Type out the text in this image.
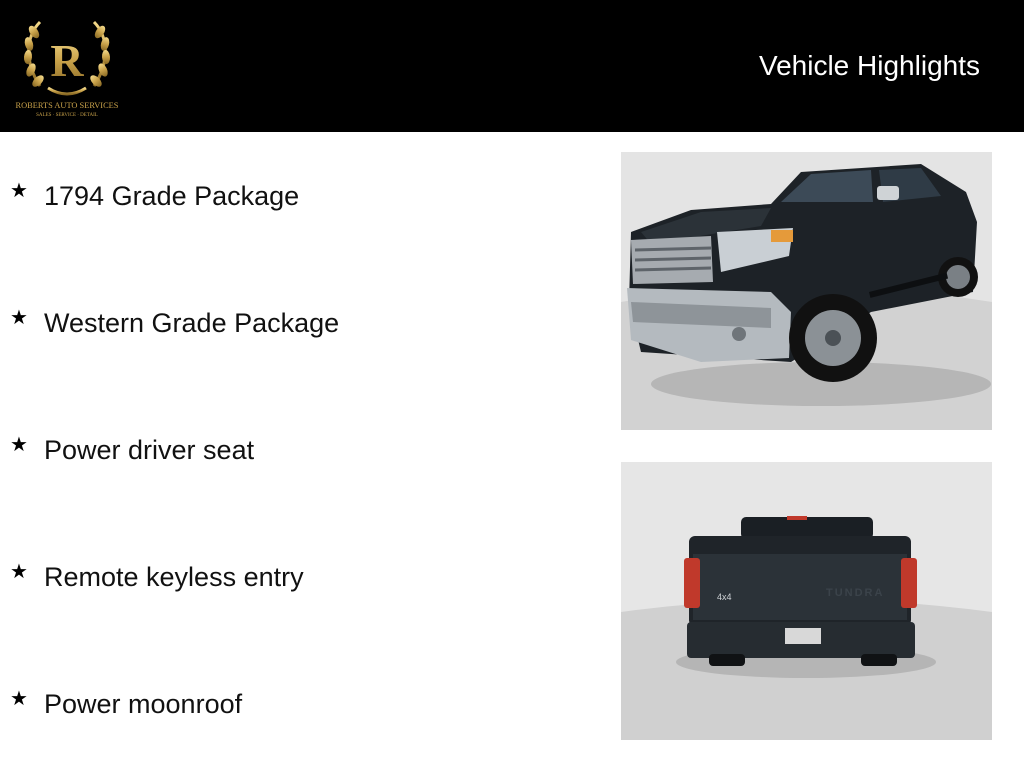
R
ROBERTS AUTO SERVICES
SALES · SERVICE · DETAIL
Vehicle Highlights
★ 1794 Grade Package
★ Western Grade Package
★ Power driver seat
★ Remote keyless entry
★ Power moonroof
4x4	TUNDRA
